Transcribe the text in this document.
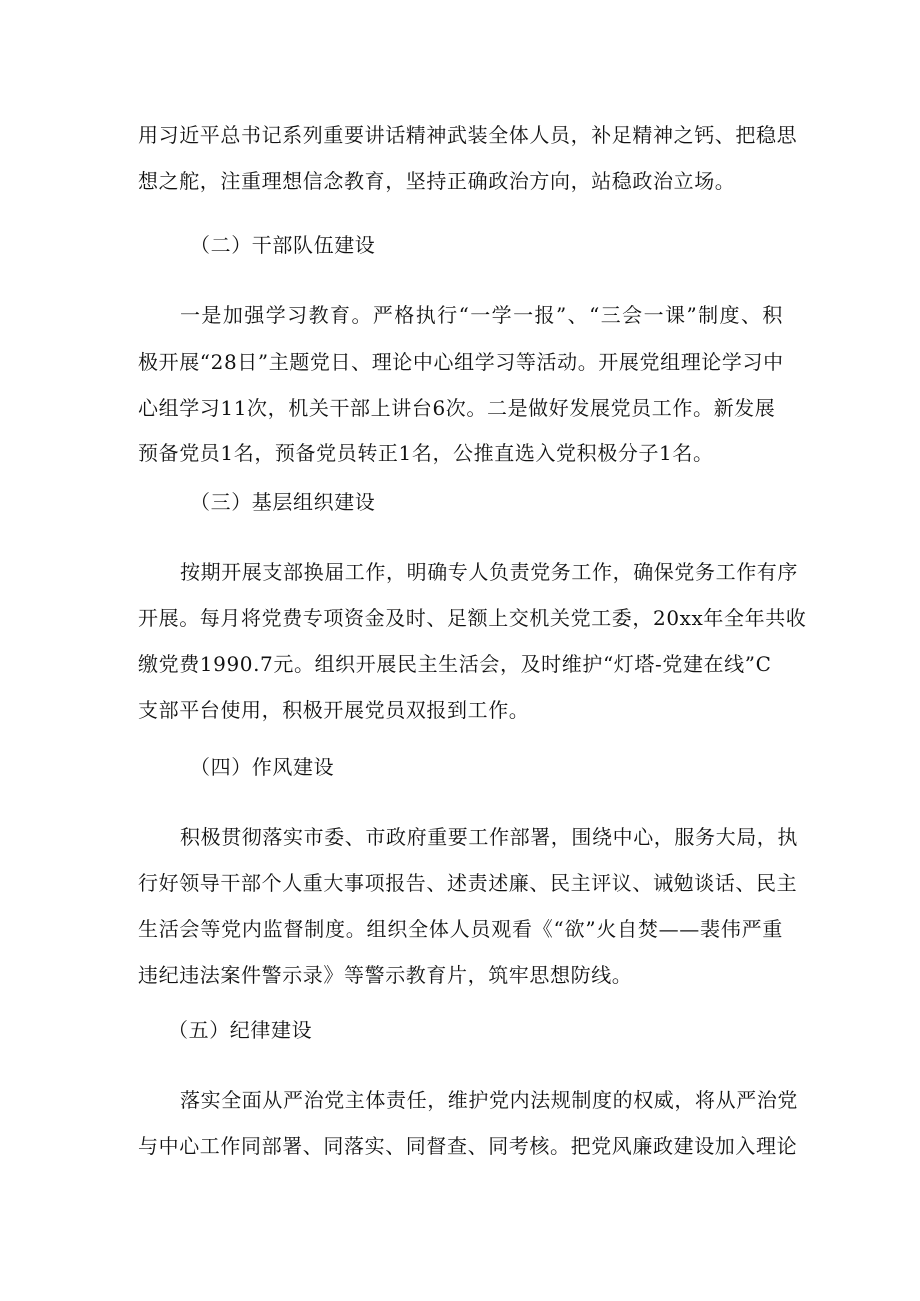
用习近平总书记系列重要讲话精神武装全体人员，补足精神之钙、把稳思
想之舵，注重理想信念教育，坚持正确政治方向，站稳政治立场。
（二）干部队伍建设
一是加强学习教育。严格执行“一学一报”、“三会一课”制度、积
极开展“28日”主题党日、理论中心组学习等活动。开展党组理论学习中
心组学习11次，机关干部上讲台6次。二是做好发展党员工作。新发展
预备党员1名，预备党员转正1名，公推直选入党积极分子1名。
（三）基层组织建设
按期开展支部换届工作，明确专人负责党务工作，确保党务工作有序
开展。每月将党费专项资金及时、足额上交机关党工委，20xx年全年共收
缴党费1990.7元。组织开展民主生活会，及时维护“灯塔-党建在线”C
支部平台使用，积极开展党员双报到工作。
（四）作风建设
积极贯彻落实市委、市政府重要工作部署，围绕中心，服务大局，执
行好领导干部个人重大事项报告、述责述廉、民主评议、诫勉谈话、民主
生活会等党内监督制度。组织全体人员观看《“欲”火自焚——裴伟严重
违纪违法案件警示录》等警示教育片，筑牢思想防线。
（五）纪律建设
落实全面从严治党主体责任，维护党内法规制度的权威，将从严治党
与中心工作同部署、同落实、同督查、同考核。把党风廉政建设加入理论
